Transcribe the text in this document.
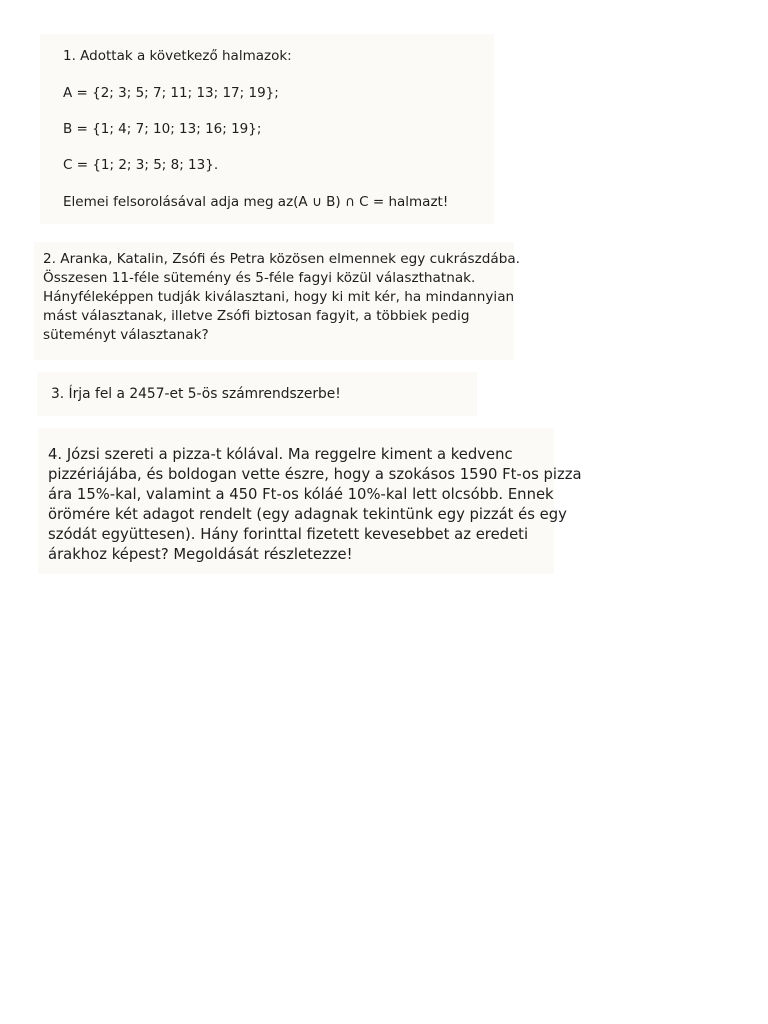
1. Adottak a következő halmazok:
A = {2; 3; 5; 7; 11; 13; 17; 19};
B = {1; 4; 7; 10; 13; 16; 19};
C = {1; 2; 3; 5; 8; 13}.
Elemei felsorolásával adja meg az(A ∪ B) ∩ C = halmazt!
2. Aranka, Katalin, Zsófi és Petra közösen elmennek egy cukrászdába.
Összesen 11-féle sütemény és 5-féle fagyi közül választhatnak.
Hányféleképpen tudják kiválasztani, hogy ki mit kér, ha mindannyian
mást választanak, illetve Zsófi biztosan fagyit, a többiek pedig
süteményt választanak?
3. Írja fel a 2457-et 5-ös számrendszerbe!
4. Józsi szereti a pizza-t kólával. Ma reggelre kiment a kedvenc
pizzériájába, és boldogan vette észre, hogy a szokásos 1590 Ft-os pizza
ára 15%-kal, valamint a 450 Ft-os kóláé 10%-kal lett olcsóbb. Ennek
örömére két adagot rendelt (egy adagnak tekintünk egy pizzát és egy
szódát együttesen). Hány forinttal fizetett kevesebbet az eredeti
árakhoz képest? Megoldását részletezze!
